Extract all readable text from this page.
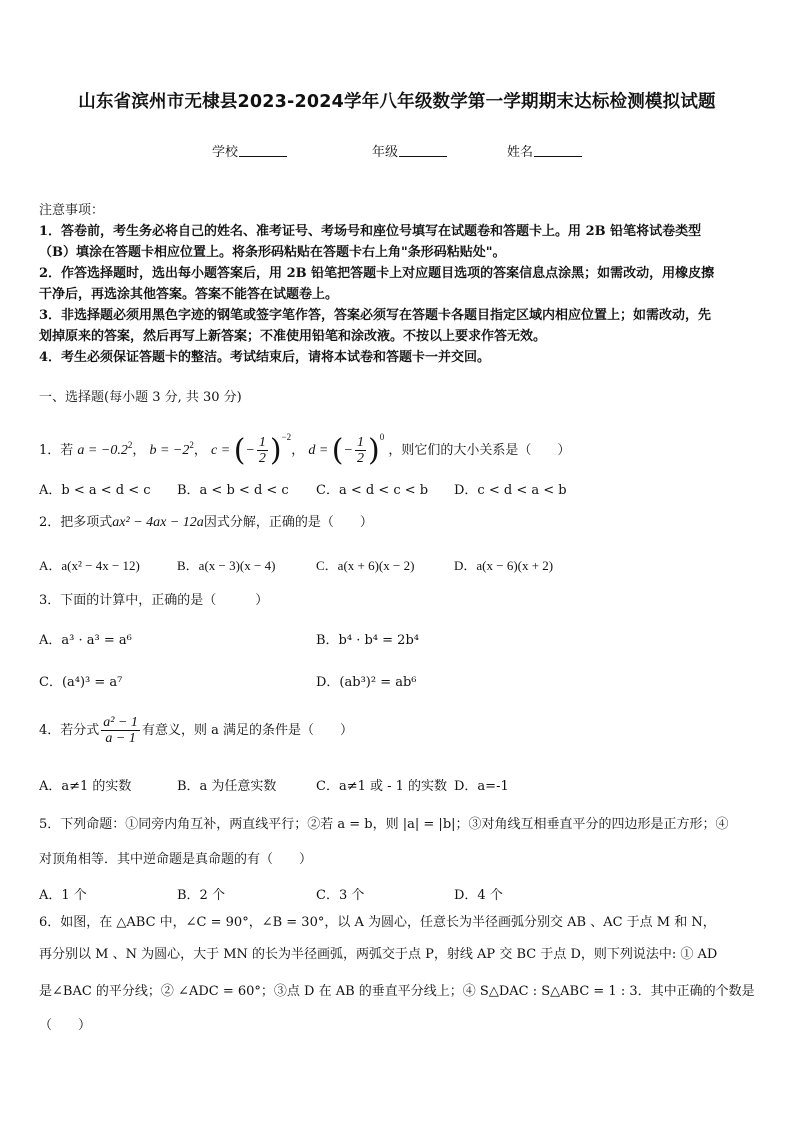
山东省滨州市无棣县2023-2024学年八年级数学第一学期期末达标检测模拟试题
学校	年级	姓名
注意事项：
1．答卷前，考生务必将自己的姓名、准考证号、考场号和座位号填写在试题卷和答题卡上。用 2B 铅笔将试卷类型
（B）填涂在答题卡相应位置上。将条形码粘贴在答题卡右上角"条形码粘贴处"。
2．作答选择题时，选出每小题答案后，用 2B 铅笔把答题卡上对应题目选项的答案信息点涂黑；如需改动，用橡皮擦
干净后，再选涂其他答案。答案不能答在试题卷上。
3．非选择题必须用黑色字迹的钢笔或签字笔作答，答案必须写在答题卡各题目指定区域内相应位置上；如需改动，先
划掉原来的答案，然后再写上新答案；不准使用铅笔和涂改液。不按以上要求作答无效。
4．考生必须保证答题卡的整洁。考试结束后，请将本试卷和答题卡一并交回。
一、选择题(每小题 3 分, 共 30 分)
1．若 $a = -0.2^2$， $b = -2^2$， c = (− $\frac{1}{2} )^{-2}$， d = (− $\frac{1}{2} )^0$ ，则它们的大小关系是（　　）
A．b < a < d < c B．a < b < d < c C．a < d < c < b D．c < d < a < b
2．把多项式ax² − 4ax − 12a因式分解，正确的是（　　）
A．a(x² − 4x − 12)	B．a(x − 3)(x − 4)	C．a(x + 6)(x − 2)	D．a(x − 6)(x + 2)
3．下面的计算中，正确的是（　　　）
A．a³ · a³ = a⁶	B．b⁴ · b⁴ = 2b⁴
C．(a⁴)³ = a⁷	D．(ab³)² = ab⁶
4．若分式 $\frac{\text{a² − 1}}{a - 1}$ 有意义，则 a 满足的条件是（　　）
A．a≠1 的实数	B．a 为任意实数	C．a≠1 或 - 1 的实数 D．a=-1
5．下列命题：①同旁内角互补，两直线平行；②若 a = b，则 |a| = |b|；③对角线互相垂直平分的四边形是正方形；④
对顶角相等．其中逆命题是真命题的有（　　）
A．1 个	B．2 个	C．3 个	D．4 个
6．如图，在 △ABC 中，∠C = 90°，∠B = 30°，以 A 为圆心，任意长为半径画弧分别交 AB 、AC 于点 M 和 N，
再分别以 M 、N 为圆心，大于 MN 的长为半径画弧，两弧交于点 P，射线 AP 交 BC 于点 D，则下列说法中: ① AD
是∠BAC 的平分线；② ∠ADC = 60°；③点 D 在 AB 的垂直平分线上；④ S△DAC : S△ABC = 1 : 3．其中正确的个数是
（　　）
